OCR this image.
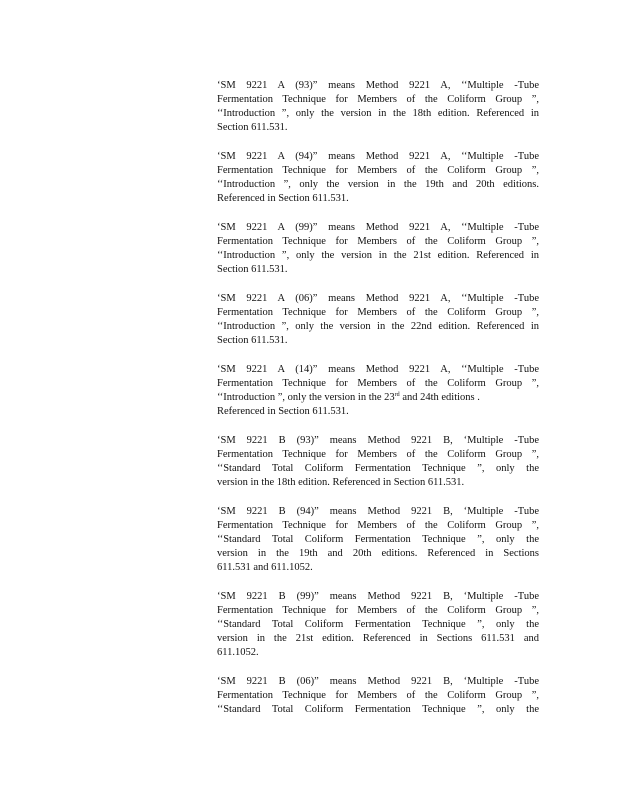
‘SM 9221 A (93)” means Method 9221 A, ‘‘Multiple -Tube
Fermentation Technique for Members of the Coliform Group ”,
‘‘Introduction ”, only the version in the 18th edition. Referenced in
Section 611.531.
‘SM 9221 A (94)” means Method 9221 A, ‘‘Multiple -Tube
Fermentation Technique for Members of the Coliform Group ”,
‘‘Introduction ”, only the version in the 19th and 20th editions.
Referenced in Section 611.531.
‘SM 9221 A (99)” means Method 9221 A, ‘‘Multiple -Tube
Fermentation Technique for Members of the Coliform Group ”,
‘‘Introduction ”, only the version in the 21st edition. Referenced in
Section 611.531.
‘SM 9221 A (06)” means Method 9221 A, ‘‘Multiple -Tube
Fermentation Technique for Members of the Coliform Group ”,
‘‘Introduction ”, only the version in the 22nd edition. Referenced in
Section 611.531.
‘SM 9221 A (14)” means Method 9221 A, ‘‘Multiple -Tube
Fermentation Technique for Members of the Coliform Group ”,
‘‘Introduction ”, only the version in the 23rd and 24th editions .
Referenced in Section 611.531.
‘SM 9221 B (93)” means Method 9221 B, ‘Multiple -Tube
Fermentation Technique for Members of the Coliform Group ”,
‘‘Standard Total Coliform Fermentation Technique ”, only the
version in the 18th edition. Referenced in Section 611.531.
‘SM 9221 B (94)” means Method 9221 B, ‘Multiple -Tube
Fermentation Technique for Members of the Coliform Group ”,
‘‘Standard Total Coliform Fermentation Technique ”, only the
version in the 19th and 20th editions. Referenced in Sections
611.531 and 611.1052.
‘SM 9221 B (99)” means Method 9221 B, ‘Multiple -Tube
Fermentation Technique for Members of the Coliform Group ”,
‘‘Standard Total Coliform Fermentation Technique ”, only the
version in the 21st edition. Referenced in Sections 611.531 and
611.1052.
‘SM 9221 B (06)” means Method 9221 B, ‘Multiple -Tube
Fermentation Technique for Members of the Coliform Group ”,
‘‘Standard Total Coliform Fermentation Technique ”, only the
